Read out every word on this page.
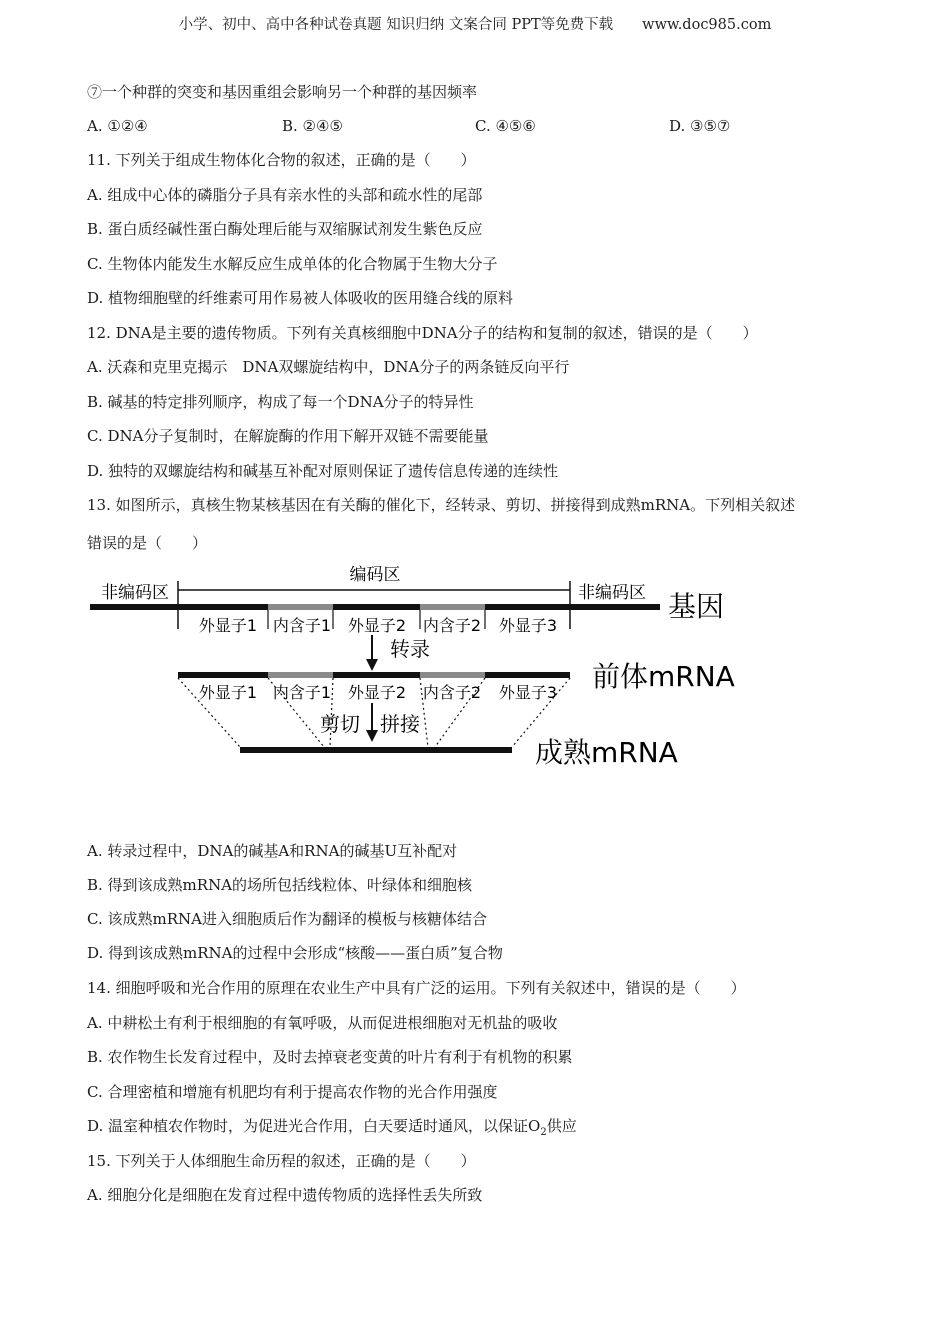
小学、初中、高中各种试卷真题 知识归纳 文案合同 PPT等免费下载　　www.doc985.com
⑦一个种群的突变和基因重组会影响另一个种群的基因频率
A. ①②④	B. ②④⑤	C. ④⑤⑥	D. ③⑤⑦
11. 下列关于组成生物体化合物的叙述，正确的是（　　）
A. 组成中心体的磷脂分子具有亲水性的头部和疏水性的尾部
B. 蛋白质经碱性蛋白酶处理后能与双缩脲试剂发生紫色反应
C. 生物体内能发生水解反应生成单体的化合物属于生物大分子
D. 植物细胞壁的纤维素可用作易被人体吸收的医用缝合线的原料
12. DNA是主要的遗传物质。下列有关真核细胞中DNA分子的结构和复制的叙述，错误的是（　　）
A. 沃森和克里克揭示　DNA双螺旋结构中，DNA分子的两条链反向平行
B. 碱基的特定排列顺序，构成了每一个DNA分子的特异性
C. DNA分子复制时，在解旋酶的作用下解开双链不需要能量
D. 独特的双螺旋结构和碱基互补配对原则保证了遗传信息传递的连续性
13. 如图所示，真核生物某核基因在有关酶的催化下，经转录、剪切、拼接得到成熟mRNA。下列相关叙述
错误的是（　　）
非编码区
编码区
非编码区 基因
外显子1 内含子1 外显子2 内含子2 外显子3
转录
前体mRNA
外显子1 内含子1 外显子2 内含子2 外显子3
剪切 拼接
成熟mRNA
A. 转录过程中，DNA的碱基A和RNA的碱基U互补配对
B. 得到该成熟mRNA的场所包括线粒体、叶绿体和细胞核
C. 该成熟mRNA进入细胞质后作为翻译的模板与核糖体结合
D. 得到该成熟mRNA的过程中会形成“核酸——蛋白质”复合物
14. 细胞呼吸和光合作用的原理在农业生产中具有广泛的运用。下列有关叙述中，错误的是（　　）
A. 中耕松土有利于根细胞的有氧呼吸，从而促进根细胞对无机盐的吸收
B. 农作物生长发育过程中，及时去掉衰老变黄的叶片有利于有机物的积累
C. 合理密植和增施有机肥均有利于提高农作物的光合作用强度
D. 温室种植农作物时，为促进光合作用，白天要适时通风，以保证$O_2$供应
15. 下列关于人体细胞生命历程的叙述，正确的是（　　）
A. 细胞分化是细胞在发育过程中遗传物质的选择性丢失所致
